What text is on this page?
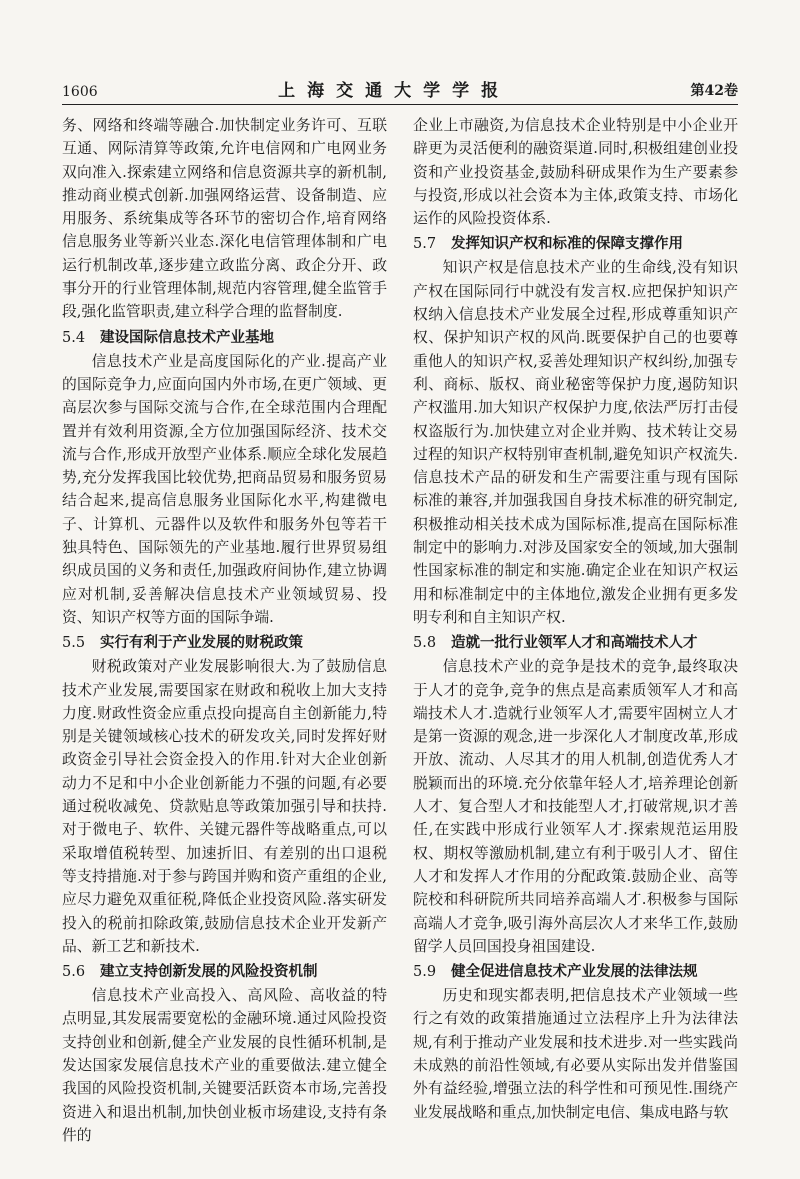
1606	上海交通大学学报	第42卷

务、网络和终端等融合.加快制定业务许可、互联互通、网际清算等政策,允许电信网和广电网业务双向准入.探索建立网络和信息资源共享的新机制,推动商业模式创新.加强网络运营、设备制造、应用服务、系统集成等各环节的密切合作,培育网络信息服务业等新兴业态.深化电信管理体制和广电运行机制改革,逐步建立政监分离、政企分开、政事分开的行业管理体制,规范内容管理,健全监管手段,强化监管职责,建立科学合理的监督制度.

5.4 建设国际信息技术产业基地

信息技术产业是高度国际化的产业.提高产业的国际竞争力,应面向国内外市场,在更广领域、更高层次参与国际交流与合作,在全球范围内合理配置并有效利用资源,全方位加强国际经济、技术交流与合作,形成开放型产业体系.顺应全球化发展趋势,充分发挥我国比较优势,把商品贸易和服务贸易结合起来,提高信息服务业国际化水平,构建微电子、计算机、元器件以及软件和服务外包等若干独具特色、国际领先的产业基地.履行世界贸易组织成员国的义务和责任,加强政府间协作,建立协调应对机制,妥善解决信息技术产业领域贸易、投资、知识产权等方面的国际争端.

5.5 实行有利于产业发展的财税政策

财税政策对产业发展影响很大.为了鼓励信息技术产业发展,需要国家在财政和税收上加大支持力度.财政性资金应重点投向提高自主创新能力,特别是关键领域核心技术的研发攻关,同时发挥好财政资金引导社会资金投入的作用.针对大企业创新动力不足和中小企业创新能力不强的问题,有必要通过税收减免、贷款贴息等政策加强引导和扶持.对于微电子、软件、关键元器件等战略重点,可以采取增值税转型、加速折旧、有差别的出口退税等支持措施.对于参与跨国并购和资产重组的企业,应尽力避免双重征税,降低企业投资风险.落实研发投入的税前扣除政策,鼓励信息技术企业开发新产品、新工艺和新技术.

5.6 建立支持创新发展的风险投资机制

信息技术产业高投入、高风险、高收益的特点明显,其发展需要宽松的金融环境.通过风险投资支持创业和创新,健全产业发展的良性循环机制,是发达国家发展信息技术产业的重要做法.建立健全我国的风险投资机制,关键要活跃资本市场,完善投资进入和退出机制,加快创业板市场建设,支持有条件的

企业上市融资,为信息技术企业特别是中小企业开辟更为灵活便利的融资渠道.同时,积极组建创业投资和产业投资基金,鼓励科研成果作为生产要素参与投资,形成以社会资本为主体,政策支持、市场化运作的风险投资体系.

5.7 发挥知识产权和标准的保障支撑作用

知识产权是信息技术产业的生命线,没有知识产权在国际同行中就没有发言权.应把保护知识产权纳入信息技术产业发展全过程,形成尊重知识产权、保护知识产权的风尚.既要保护自己的也要尊重他人的知识产权,妥善处理知识产权纠纷,加强专利、商标、版权、商业秘密等保护力度,遏防知识产权滥用.加大知识产权保护力度,依法严厉打击侵权盗版行为.加快建立对企业并购、技术转让交易过程的知识产权特别审查机制,避免知识产权流失.信息技术产品的研发和生产需要注重与现有国际标准的兼容,并加强我国自身技术标准的研究制定,积极推动相关技术成为国际标准,提高在国际标准制定中的影响力.对涉及国家安全的领域,加大强制性国家标准的制定和实施.确定企业在知识产权运用和标准制定中的主体地位,激发企业拥有更多发明专利和自主知识产权.

5.8 造就一批行业领军人才和高端技术人才

信息技术产业的竞争是技术的竞争,最终取决于人才的竞争,竞争的焦点是高素质领军人才和高端技术人才.造就行业领军人才,需要牢固树立人才是第一资源的观念,进一步深化人才制度改革,形成开放、流动、人尽其才的用人机制,创造优秀人才脱颖而出的环境.充分依靠年轻人才,培养理论创新人才、复合型人才和技能型人才,打破常规,识才善任,在实践中形成行业领军人才.探索规范运用股权、期权等激励机制,建立有利于吸引人才、留住人才和发挥人才作用的分配政策.鼓励企业、高等院校和科研院所共同培养高端人才.积极参与国际高端人才竞争,吸引海外高层次人才来华工作,鼓励留学人员回国投身祖国建设.

5.9 健全促进信息技术产业发展的法律法规

历史和现实都表明,把信息技术产业领域一些行之有效的政策措施通过立法程序上升为法律法规,有利于推动产业发展和技术进步.对一些实践尚未成熟的前沿性领域,有必要从实际出发并借鉴国外有益经验,增强立法的科学性和可预见性.围绕产业发展战略和重点,加快制定电信、集成电路与软
